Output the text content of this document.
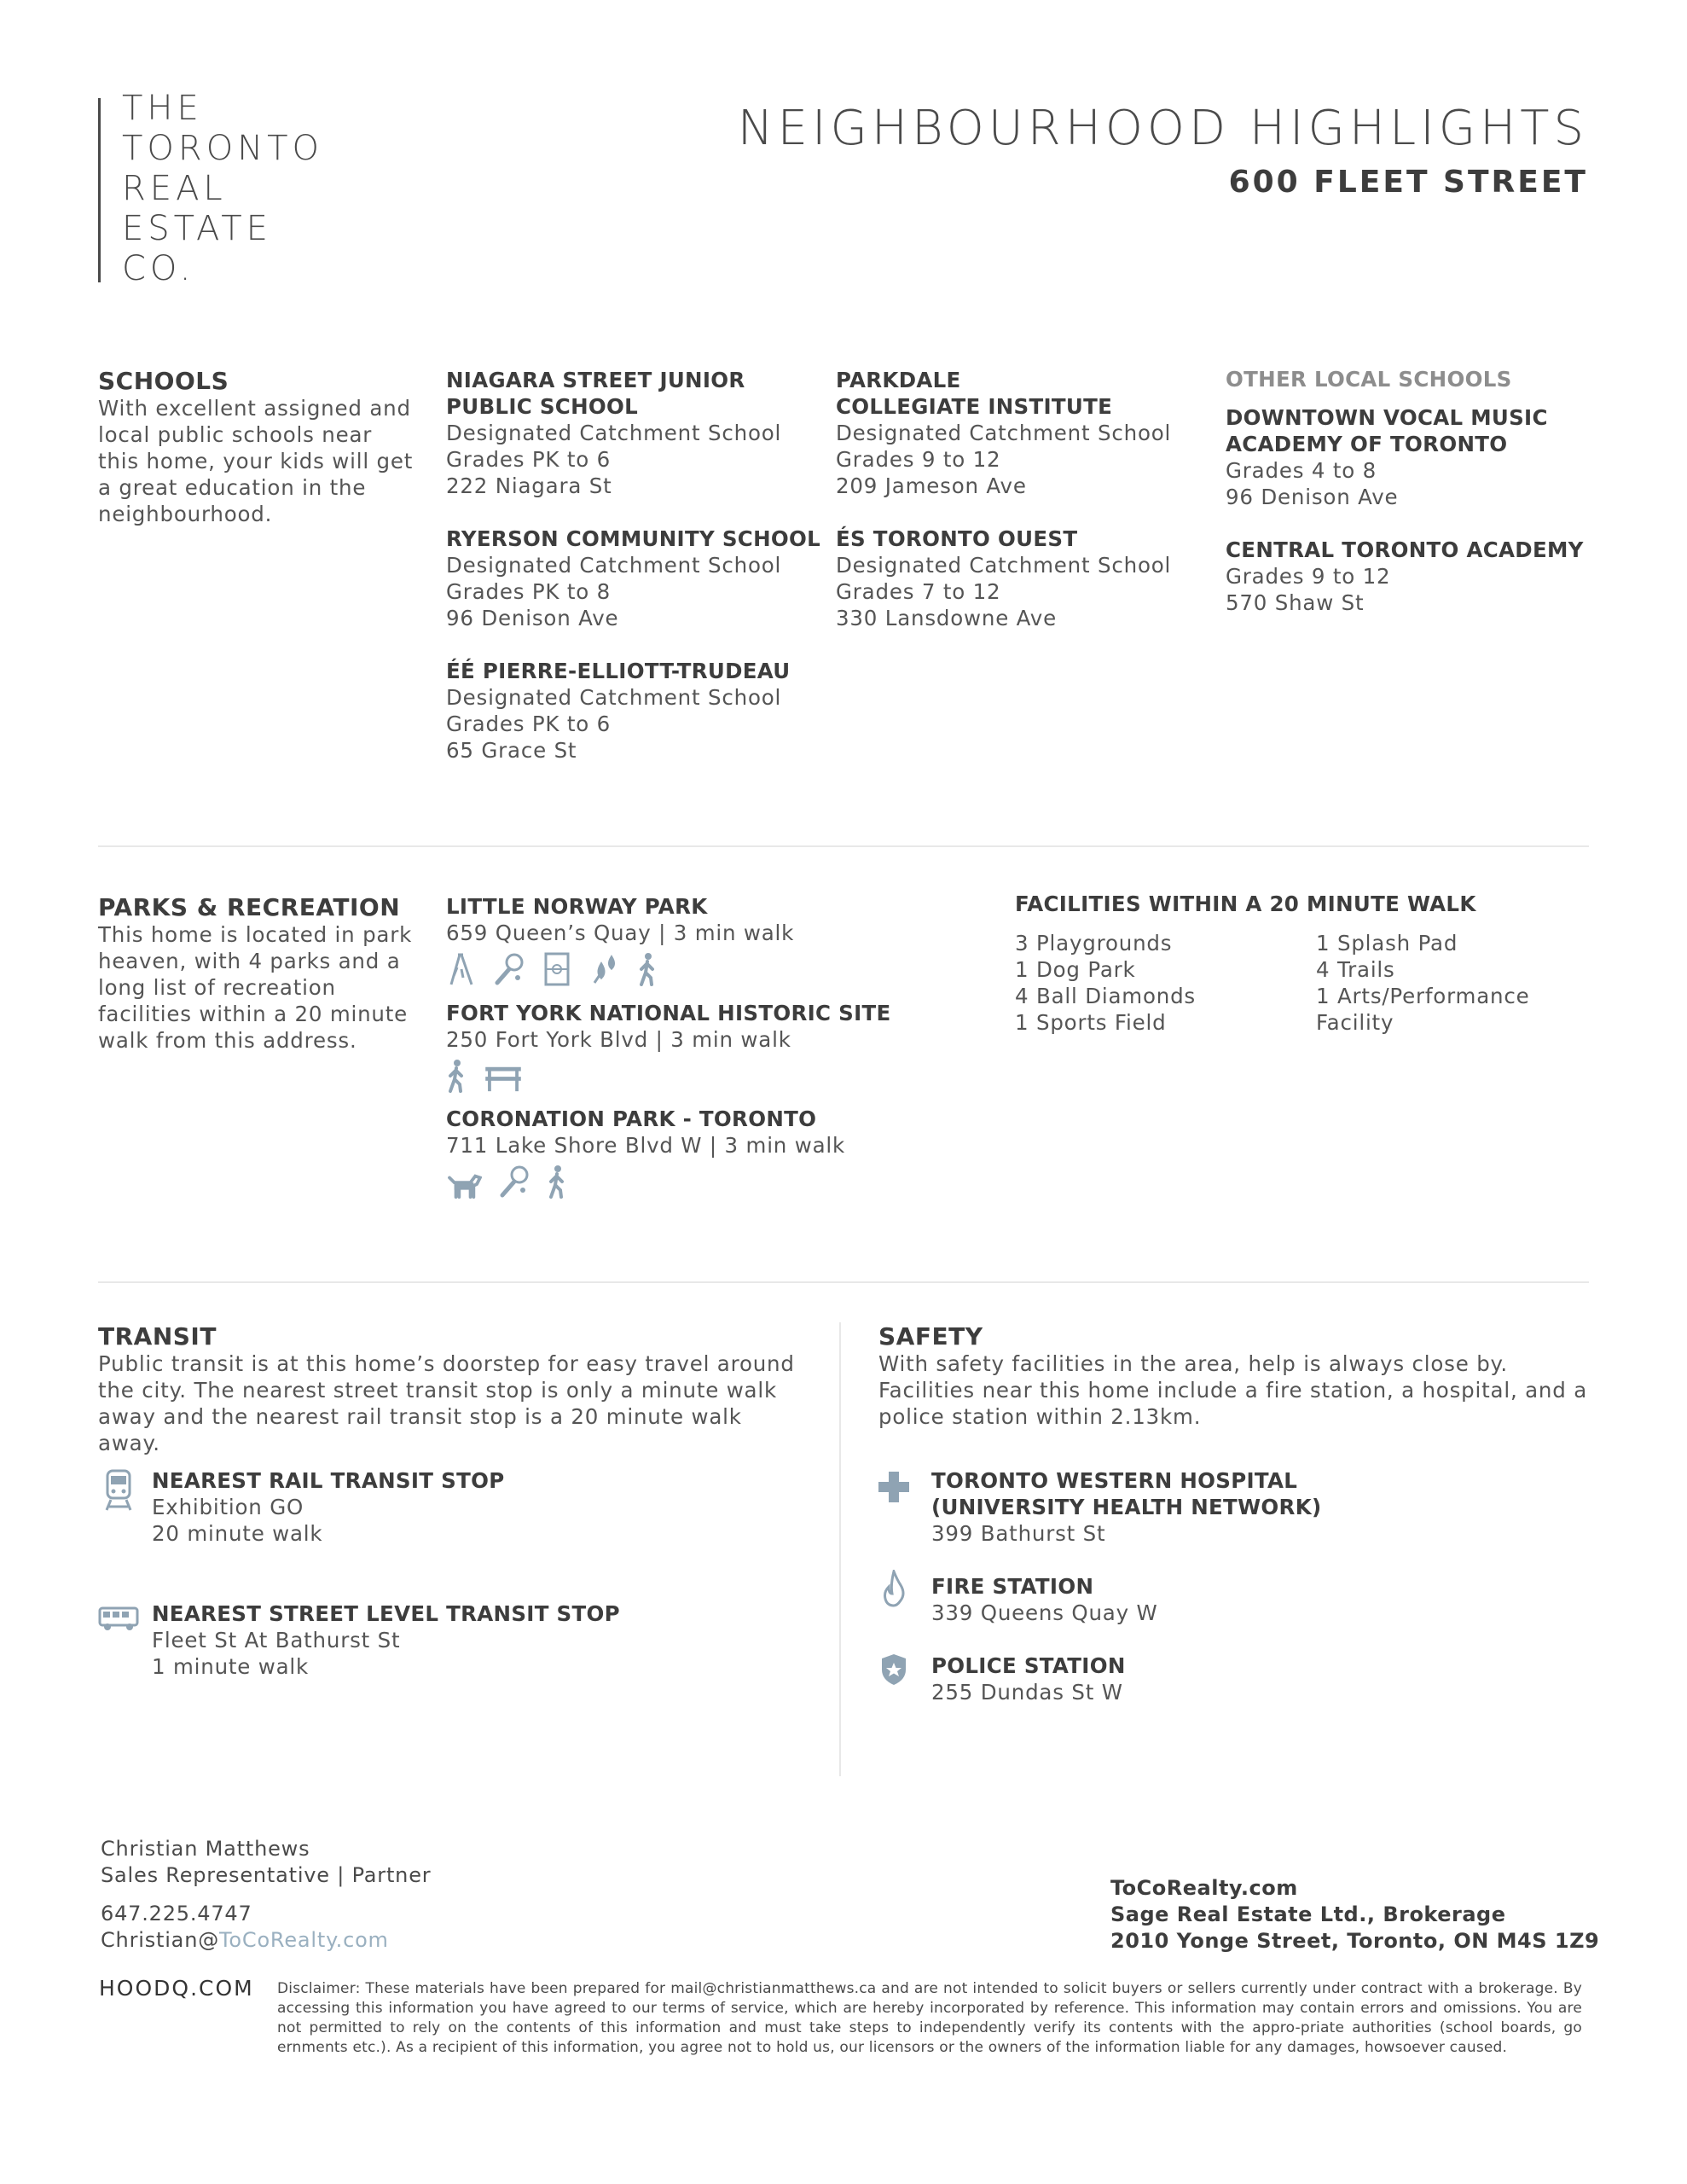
THE
TORONTO
REAL
ESTATE
CO.
NEIGHBOURHOOD HIGHLIGHTS
600 FLEET STREET
SCHOOLS
With excellent assigned and local public schools near this home, your kids will get a great education in the neighbourhood.
NIAGARA STREET JUNIOR PUBLIC SCHOOL
Designated Catchment School
Grades PK to 6
222 Niagara St
RYERSON COMMUNITY SCHOOL
Designated Catchment School
Grades PK to 8
96 Denison Ave
ÉÉ PIERRE-ELLIOTT-TRUDEAU
Designated Catchment School
Grades PK to 6
65 Grace St
PARKDALE
COLLEGIATE INSTITUTE
Designated Catchment School
Grades 9 to 12
209 Jameson Ave
ÉS TORONTO OUEST
Designated Catchment School
Grades 7 to 12
330 Lansdowne Ave
OTHER LOCAL SCHOOLS
DOWNTOWN VOCAL MUSIC
ACADEMY OF TORONTO
Grades 4 to 8
96 Denison Ave
CENTRAL TORONTO ACADEMY
Grades 9 to 12
570 Shaw St
PARKS & RECREATION
This home is located in park heaven, with 4 parks and a long list of recreation facilities within a 20 minute walk from this address.
LITTLE NORWAY PARK
659 Queen’s Quay | 3 min walk
FORT YORK NATIONAL HISTORIC SITE
250 Fort York Blvd | 3 min walk
CORONATION PARK - TORONTO
711 Lake Shore Blvd W | 3 min walk
FACILITIES WITHIN A 20 MINUTE WALK
3 Playgrounds
1 Dog Park
4 Ball Diamonds
1 Sports Field
1 Splash Pad
4 Trails
1 Arts/Performance
Facility
TRANSIT
Public transit is at this home’s doorstep for easy travel around the city. The nearest street transit stop is only a minute walk away and the nearest rail transit stop is a 20 minute walk away.
NEAREST RAIL TRANSIT STOP
Exhibition GO
20 minute walk
NEAREST STREET LEVEL TRANSIT STOP
Fleet St At Bathurst St
1 minute walk
SAFETY
With safety facilities in the area, help is always close by. Facilities near this home include a fire station, a hospital, and a police station within 2.13km.
TORONTO WESTERN HOSPITAL
(UNIVERSITY HEALTH NETWORK)
399 Bathurst St
FIRE STATION
339 Queens Quay W
POLICE STATION
255 Dundas St W
Christian Matthews
Sales Representative | Partner
647.225.4747
Christian@ToCoRealty.com
ToCoRealty.com
Sage Real Estate Ltd., Brokerage
2010 Yonge Street, Toronto, ON M4S 1Z9
HOODQ.COM Disclaimer: These materials have been prepared for mail@christianmatthews.ca and are not intended to solicit buyers or sellers currently under contract with a brokerage. By accessing this information you have agreed to our terms of service, which are hereby incorporated by reference. This information may contain errors and omissions. You are not permitted to rely on the contents of this information and must take steps to independently verify its contents with the appro-priate authorities (school boards, go ernments etc.). As a recipient of this information, you agree not to hold us, our licensors or the owners of the information liable for any damages, howsoever caused.
